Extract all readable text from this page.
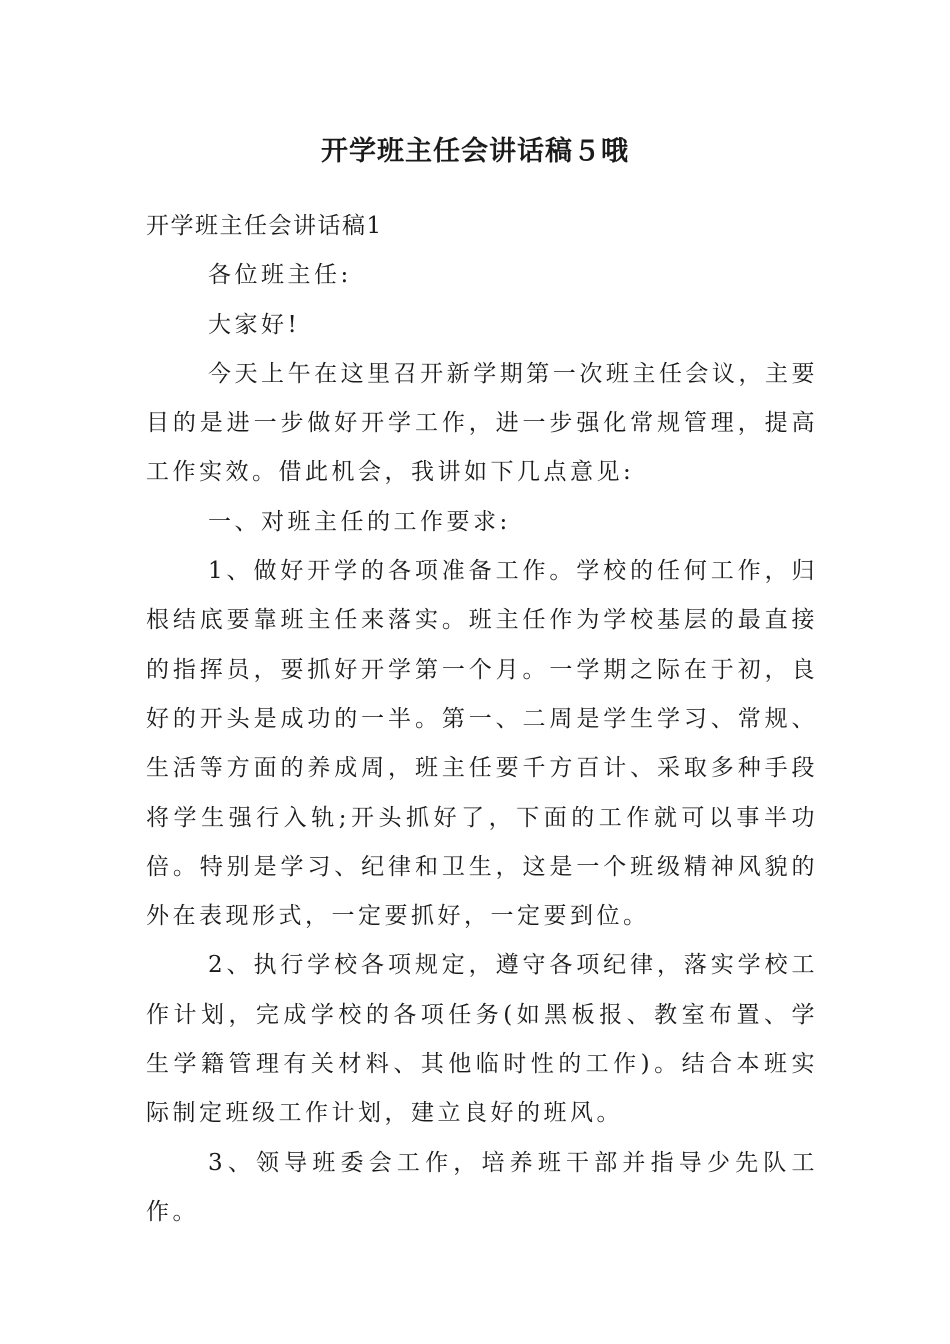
开学班主任会讲话稿５哦

开学班主任会讲话稿1

各位班主任:

大家好!

今天上午在这里召开新学期第一次班主任会议，主要目的是进一步做好开学工作，进一步强化常规管理，提高工作实效。借此机会，我讲如下几点意见:

一、对班主任的工作要求:

1、做好开学的各项准备工作。学校的任何工作，归根结底要靠班主任来落实。班主任作为学校基层的最直接的指挥员，要抓好开学第一个月。一学期之际在于初，良好的开头是成功的一半。第一、二周是学生学习、常规、生活等方面的养成周，班主任要千方百计、采取多种手段将学生强行入轨;开头抓好了，下面的工作就可以事半功倍。特别是学习、纪律和卫生，这是一个班级精神风貌的外在表现形式，一定要抓好，一定要到位。

2、执行学校各项规定，遵守各项纪律，落实学校工作计划，完成学校的各项任务(如黑板报、教室布置、学生学籍管理有关材料、其他临时性的工作)。结合本班实际制定班级工作计划，建立良好的班风。

3、领导班委会工作，培养班干部并指导少先队工作。
